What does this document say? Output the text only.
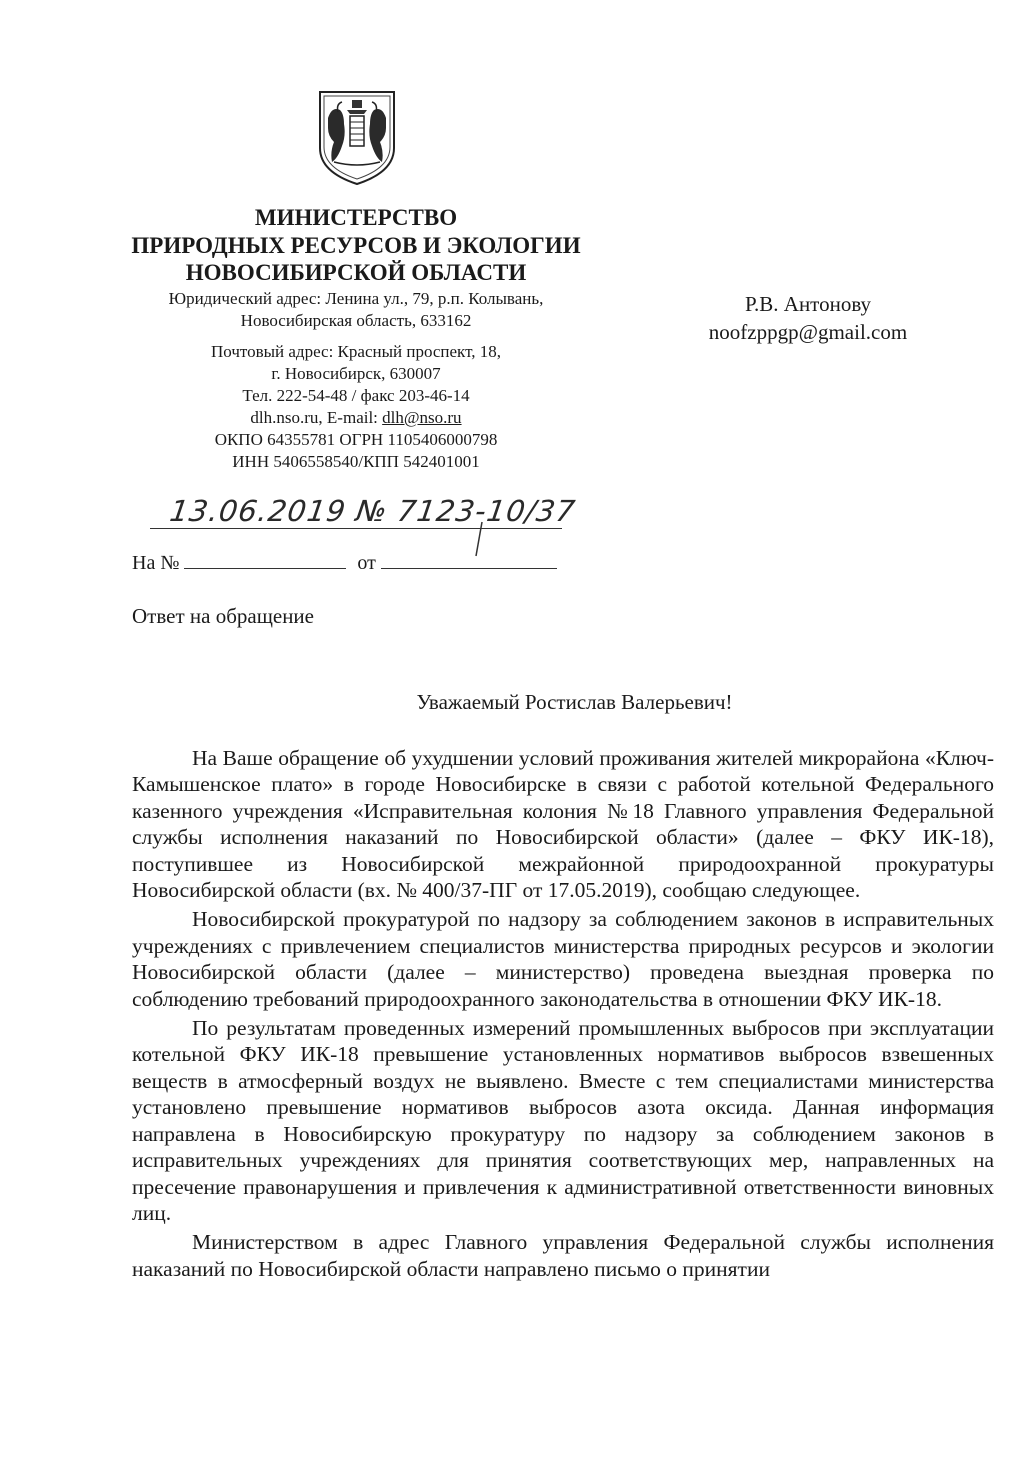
МИНИСТЕРСТВО
ПРИРОДНЫХ РЕСУРСОВ И ЭКОЛОГИИ
НОВОСИБИРСКОЙ ОБЛАСТИ
Юридический адрес: Ленина ул., 79, р.п. Колывань,
Новосибирская область, 633162
Почтовый адрес: Красный проспект, 18,
г. Новосибирск, 630007
Тел. 222-54-48 / факс 203-46-14
dlh.nso.ru, E-mail: dlh@nso.ru
ОКПО 64355781 ОГРН 1105406000798
ИНН 5406558540/КПП 542401001
Р.В. Антонову
noofzppgp@gmail.com
13.06.2019 № 7123-10/37
На №	от
Ответ на обращение
Уважаемый Ростислав Валерьевич!

На Ваше обращение об ухудшении условий проживания жителей микрорайона «Ключ-Камышенское плато» в городе Новосибирске в связи с работой котельной Федерального казенного учреждения «Исправительная колония №18 Главного управления Федеральной службы исполнения наказаний по Новосибирской области» (далее – ФКУ ИК-18), поступившее из Новосибирской межрайонной природоохранной прокуратуры Новосибирской области (вх. № 400/37-ПГ от 17.05.2019), сообщаю следующее.

Новосибирской прокуратурой по надзору за соблюдением законов в исправительных учреждениях с привлечением специалистов министерства природных ресурсов и экологии Новосибирской области (далее – министерство) проведена выездная проверка по соблюдению требований природоохранного законодательства в отношении ФКУ ИК-18.

По результатам проведенных измерений промышленных выбросов при эксплуатации котельной ФКУ ИК-18 превышение установленных нормативов выбросов взвешенных веществ в атмосферный воздух не выявлено. Вместе с тем специалистами министерства установлено превышение нормативов выбросов азота оксида. Данная информация направлена в Новосибирскую прокуратуру по надзору за соблюдением законов в исправительных учреждениях для принятия соответствующих мер, направленных на пресечение правонарушения и привлечения к административной ответственности виновных лиц.

Министерством в адрес Главного управления Федеральной службы исполнения наказаний по Новосибирской области направлено письмо о принятии
